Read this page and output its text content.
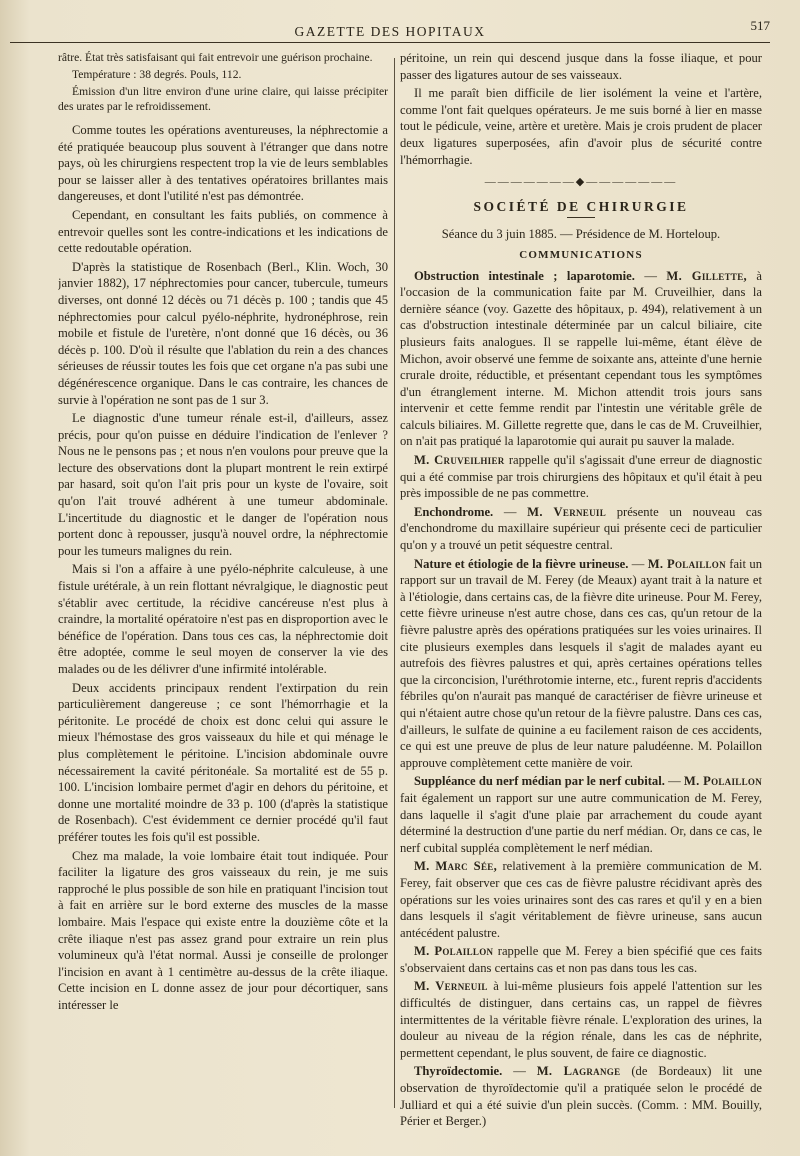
GAZETTE DES HOPITAUX	517

râtre. État très satisfaisant qui fait entrevoir une guérison prochaine.

Température : 38 degrés. Pouls, 112.

Émission d'un litre environ d'une urine claire, qui laisse précipiter des urates par le refroidissement.

Comme toutes les opérations aventureuses, la néphrectomie a été pratiquée beaucoup plus souvent à l'étranger que dans notre pays, où les chirurgiens respectent trop la vie de leurs semblables pour se laisser aller à des tentatives opératoires brillantes mais dangereuses, et dont l'utilité n'est pas démontrée.

Cependant, en consultant les faits publiés, on commence à entrevoir quelles sont les contre-indications et les indications de cette redoutable opération.

D'après la statistique de Rosenbach (Berl., Klin. Woch, 30 janvier 1882), 17 néphrectomies pour cancer, tubercule, tumeurs diverses, ont donné 12 décès ou 71 décès p. 100 ; tandis que 45 néphrectomies pour calcul pyélo-néphrite, hydronéphrose, rein mobile et fistule de l'uretère, n'ont donné que 16 décès, ou 36 décès p. 100. D'où il résulte que l'ablation du rein a des chances sérieuses de réussir toutes les fois que cet organe n'a pas subi une dégénérescence organique. Dans le cas contraire, les chances de survie à l'opération ne sont pas de 1 sur 3.

Le diagnostic d'une tumeur rénale est-il, d'ailleurs, assez précis, pour qu'on puisse en déduire l'indication de l'enlever ? Nous ne le pensons pas ; et nous n'en voulons pour preuve que la lecture des observations dont la plupart montrent le rein extirpé par hasard, soit qu'on l'ait pris pour un kyste de l'ovaire, soit qu'on l'ait trouvé adhérent à une tumeur abdominale. L'incertitude du diagnostic et le danger de l'opération nous portent donc à repousser, jusqu'à nouvel ordre, la néphrectomie pour les tumeurs malignes du rein.

Mais si l'on a affaire à une pyélo-néphrite calculeuse, à une fistule urétérale, à un rein flottant névralgique, le diagnostic peut s'établir avec certitude, la récidive cancéreuse n'est plus à craindre, la mortalité opératoire n'est pas en disproportion avec le bénéfice de l'opération. Dans tous ces cas, la néphrectomie doit être adoptée, comme le seul moyen de conserver la vie des malades ou de les délivrer d'une infirmité intolérable.

Deux accidents principaux rendent l'extirpation du rein particulièrement dangereuse ; ce sont l'hémorrhagie et la péritonite. Le procédé de choix est donc celui qui assure le mieux l'hémostase des gros vaisseaux du hile et qui ménage le plus complètement le péritoine. L'incision abdominale ouvre nécessairement la cavité péritonéale. Sa mortalité est de 55 p. 100. L'incision lombaire permet d'agir en dehors du péritoine, et donne une mortalité moindre de 33 p. 100 (d'après la statistique de Rosenbach). C'est évidemment ce dernier procédé qu'il faut préférer toutes les fois qu'il est possible.

Chez ma malade, la voie lombaire était tout indiquée. Pour faciliter la ligature des gros vaisseaux du rein, je me suis rapproché le plus possible de son hile en pratiquant l'incision tout à fait en arrière sur le bord externe des muscles de la masse lombaire. Mais l'espace qui existe entre la douzième côte et la crête iliaque n'est pas assez grand pour extraire un rein plus volumineux qu'à l'état normal. Aussi je conseille de prolonger l'incision en avant à 1 centimètre au-dessus de la crête iliaque. Cette incision en L donne assez de jour pour décortiquer, sans intéresser le

péritoine, un rein qui descend jusque dans la fosse iliaque, et pour passer des ligatures autour de ses vaisseaux.

Il me paraît bien difficile de lier isolément la veine et l'artère, comme l'ont fait quelques opérateurs. Je me suis borné à lier en masse tout le pédicule, veine, artère et uretère. Mais je crois prudent de placer deux ligatures superposées, afin d'avoir plus de sécurité contre l'hémorrhagie.

———————◆———————
SOCIÉTÉ DE CHIRURGIE
Séance du 3 juin 1885. — Présidence de M. Horteloup.
COMMUNICATIONS

Obstruction intestinale ; laparotomie. — M. Gillette, à l'occasion de la communication faite par M. Cruveilhier, dans la dernière séance (voy. Gazette des hôpitaux, p. 494), relativement à un cas d'obstruction intestinale déterminée par un calcul biliaire, cite plusieurs faits analogues. Il se rappelle lui-même, étant élève de Michon, avoir observé une femme de soixante ans, atteinte d'une hernie crurale droite, réductible, et présentant cependant tous les symptômes d'un étranglement interne. M. Michon attendit trois jours sans intervenir et cette femme rendit par l'intestin une véritable grêle de calculs biliaires. M. Gillette regrette que, dans le cas de M. Cruveilhier, on n'ait pas pratiqué la laparotomie qui aurait pu sauver la malade.

M. Cruveilhier rappelle qu'il s'agissait d'une erreur de diagnostic qui a été commise par trois chirurgiens des hôpitaux et qu'il était à peu près impossible de ne pas commettre.

Enchondrome. — M. Verneuil présente un nouveau cas d'enchondrome du maxillaire supérieur qui présente ceci de particulier qu'on y a trouvé un petit séquestre central.

Nature et étiologie de la fièvre urineuse. — M. Polaillon fait un rapport sur un travail de M. Ferey (de Meaux) ayant trait à la nature et à l'étiologie, dans certains cas, de la fièvre dite urineuse. Pour M. Ferey, cette fièvre urineuse n'est autre chose, dans ces cas, qu'un retour de la fièvre palustre après des opérations pratiquées sur les voies urinaires. Il cite plusieurs exemples dans lesquels il s'agit de malades ayant eu autrefois des fièvres palustres et qui, après certaines opérations telles que la circoncision, l'uréthrotomie interne, etc., furent repris d'accidents fébriles qu'on n'aurait pas manqué de caractériser de fièvre urineuse et qui n'étaient autre chose qu'un retour de la fièvre palustre. Dans ces cas, d'ailleurs, le sulfate de quinine a eu facilement raison de ces accidents, ce qui est une preuve de plus de leur nature paludéenne. M. Polaillon approuve complètement cette manière de voir.

Suppléance du nerf médian par le nerf cubital. — M. Polaillon fait également un rapport sur une autre communication de M. Ferey, dans laquelle il s'agit d'une plaie par arrachement du coude ayant déterminé la destruction d'une partie du nerf médian. Or, dans ce cas, le nerf cubital suppléa complètement le nerf médian.

M. Marc Sée, relativement à la première communication de M. Ferey, fait observer que ces cas de fièvre palustre récidivant après des opérations sur les voies urinaires sont des cas rares et qu'il y en a bien dans lesquels il s'agit véritablement de fièvre urineuse, sans aucun antécédent palustre.

M. Polaillon rappelle que M. Ferey a bien spécifié que ces faits s'observaient dans certains cas et non pas dans tous les cas.

M. Verneuil à lui-même plusieurs fois appelé l'attention sur les difficultés de distinguer, dans certains cas, un rappel de fièvres intermittentes de la véritable fièvre rénale. L'exploration des urines, la douleur au niveau de la région rénale, dans les cas de néphrite, permettent cependant, le plus souvent, de faire ce diagnostic.

Thyroïdectomie. — M. Lagrange (de Bordeaux) lit une observation de thyroïdectomie qu'il a pratiquée selon le procédé de Julliard et qui a été suivie d'un plein succès. (Comm. : MM. Bouilly, Périer et Berger.)
